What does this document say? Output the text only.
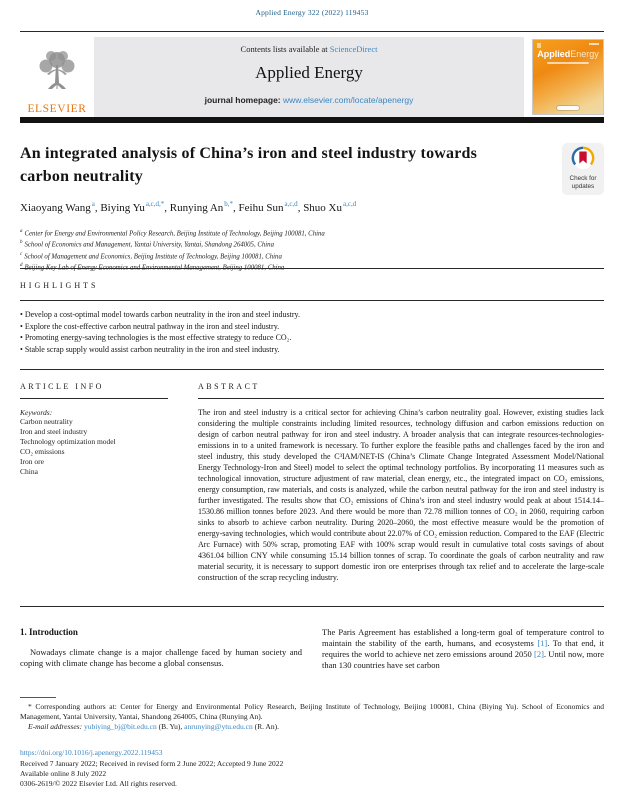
Applied Energy 322 (2022) 119453
ELSEVIER
Contents lists available at ScienceDirect
Applied Energy
journal homepage: www.elsevier.com/locate/apenergy
AppliedEnergy
An integrated analysis of China’s iron and steel industry towards carbon neutrality	Check for
updates
Xiaoyang Wang$^a$, Biying $Yu^{a,c,d,*}$, Runying $An^{b,*}$, Feihu Sun$^{a,c,d}$, Shuo Xu$^{a,c,d}$
$^a$ Center for Energy and Environmental Policy Research, Beijing Institute of Technology, Beijing 100081, China
$^b$ School of Economics and Management, Yantai University, Yantai, Shandong 264005, China
$^c$ School of Management and Economics, Beijing Institute of Technology, Beijing 100081, China
$^d$
HIGHLIGHTS
• Develop a cost-optimal model towards carbon neutrality in the iron and steel industry.
• Explore the cost-effective carbon neutral pathway in the iron and steel industry.
• Promoting energy-saving technologies is the most effective strategy to reduce CO₂.
• Stable scrap supply would assist carbon neutrality in the iron and steel industry.
ARTICLE INFO
Keywords:
Carbon neutrality
Iron and steel industry
Technology optimization model
CO₂ emissions
Iron ore
China
ABSTRACT
The iron and steel industry is a critical sector for achieving China’s carbon neutrality goal. However, existing studies lack considering the multiple constraints including limited resources, technology diffusion and carbon emissions reduction on design of carbon neutral pathway for iron and steel industry. A broader analysis that can integrate resources-technologies-emissions in to a united framework is necessary. To further explore the feasible paths and challenges faced by the iron and steel industry, this study developed the C³IAM/NET-IS (China’s Climate Change Integrated Assessment Model/National Energy Technology-Iron and Steel) model to select the optimal technology portfolios. By incorporating 11 measures such as technological innovation, structure adjustment of raw material, clean energy, etc., the integrated impact on CO₂ emissions, energy consumption, raw materials, and costs is analyzed, while the carbon neutral pathway for the iron and steel industry is further investigated. The results show that CO₂ emissions of China’s iron and steel industry would peak at about 1514.14–1530.86 million tonnes before 2023. And there would be more than 72.78 million tonnes of CO₂ in 2060, requiring carbon sinks to absorb to achieve carbon neutrality. During 2020–2060, the most effective measure would be the promotion of energy-saving technologies, which would contribute about 22.07% of CO₂ emission reduction. Compared to the EAF (Electric Arc Furnace) with 50% scrap, promoting EAF with 100% scrap would result in cumulative total costs savings of about 4361.04 billion CNY while consuming 15.14 billion tonnes of scrap. To coordinate the goals of carbon neutrality and raw material security, it is necessary to support domestic iron ore enterprises through tax relief and to accelerate the large-scale construction of the scrap recycling industry.
1. Introduction

Nowadays climate change is a major challenge faced by human society and coping with climate change has become a global consensus.

The Paris Agreement has established a long-term goal of temperature control to maintain the stability of the earth, humans, and ecosystems [1]. To that end, it requires the world to achieve net zero emissions around 2050 [2]. Until now, more than 130 countries have set carbon

* Corresponding authors at: Center for Energy and Environmental Policy Research, Beijing Institute of Technology, Beijing 100081, China (Biying Yu). School of Economics and Management, Yantai University, Yantai, Shandong 264005, China (Runying An).

E-mail addresses: yubiying_bj@bit.edu.cn (B. Yu), anrunying@ytu.edu.cn (R. An).

https://doi.org/10.1016/j.apenergy.2022.119453
Received 7 January 2022; Received in revised form 2 June 2022; Accepted 9 June 2022
Available online 8 July 2022
0306-2619/© 2022 Elsevier Ltd. All rights reserved.
